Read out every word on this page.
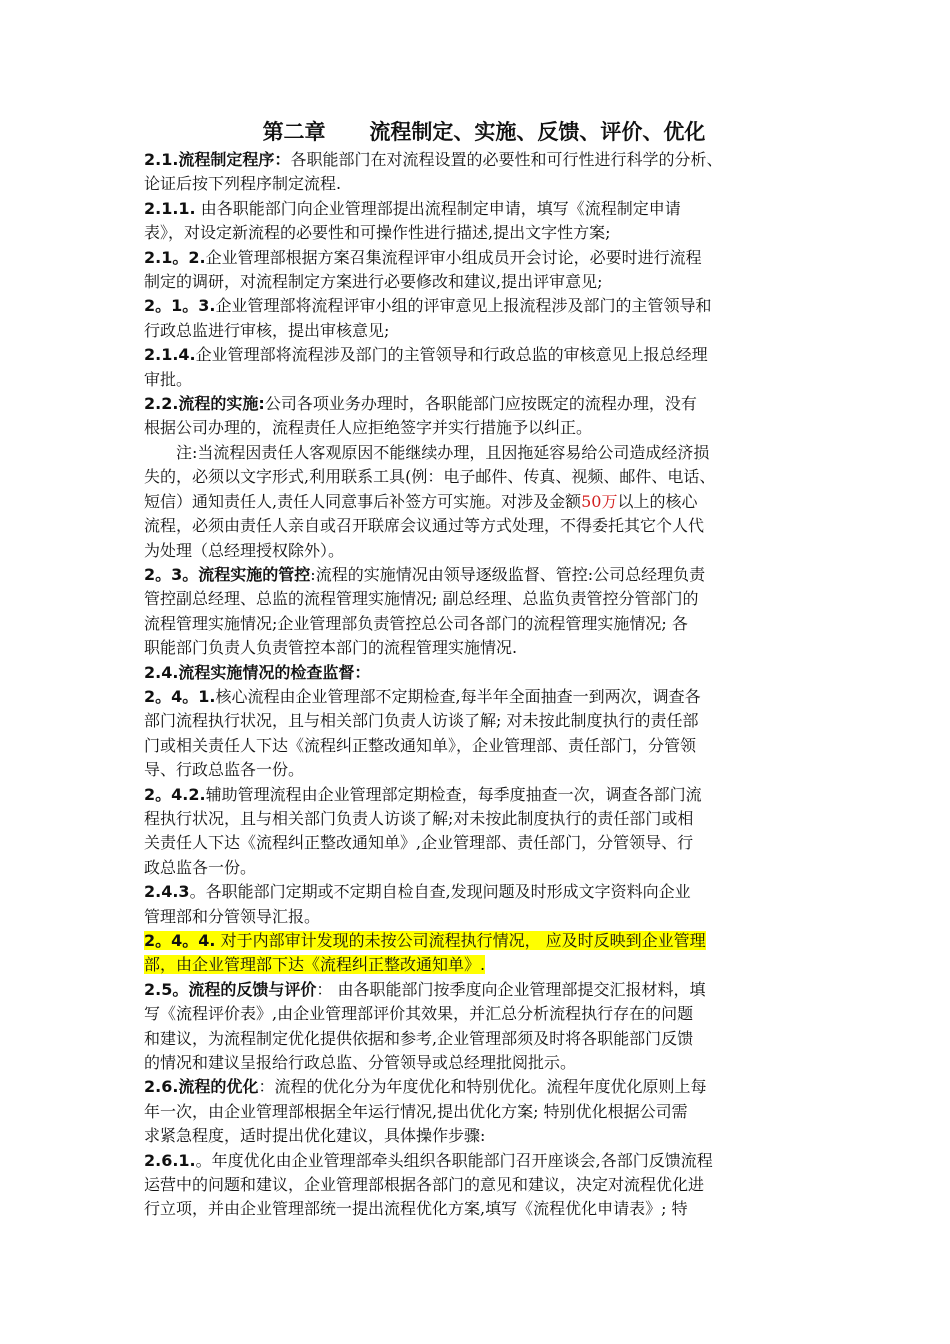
第二章      流程制定、实施、反馈、评价、优化

2.1.流程制定程序：各职能部门在对流程设置的必要性和可行性进行科学的分析、
论证后按下列程序制定流程.

2.1.1. 由各职能部门向企业管理部提出流程制定申请，填写《流程制定申请
表》，对设定新流程的必要性和可操作性进行描述,提出文字性方案;

2.1。2.企业管理部根据方案召集流程评审小组成员开会讨论，必要时进行流程
制定的调研，对流程制定方案进行必要修改和建议,提出评审意见;

2。1。3.企业管理部将流程评审小组的评审意见上报流程涉及部门的主管领导和
行政总监进行审核，提出审核意见;

2.1.4.企业管理部将流程涉及部门的主管领导和行政总监的审核意见上报总经理
审批。

2.2.流程的实施:公司各项业务办理时，各职能部门应按既定的流程办理，没有
根据公司办理的，流程责任人应拒绝签字并实行措施予以纠正。

注:当流程因责任人客观原因不能继续办理，且因拖延容易给公司造成经济损
失的，必须以文字形式,利用联系工具(例：电子邮件、传真、视频、邮件、电话、
短信）通知责任人,责任人同意事后补签方可实施。对涉及金额50万以上的核心
流程，必须由责任人亲自或召开联席会议通过等方式处理，不得委托其它个人代
为处理（总经理授权除外）。

2。3。流程实施的管控:流程的实施情况由领导逐级监督、管控:公司总经理负责
管控副总经理、总监的流程管理实施情况; 副总经理、总监负责管控分管部门的
流程管理实施情况;企业管理部负责管控总公司各部门的流程管理实施情况; 各
职能部门负责人负责管控本部门的流程管理实施情况.

2.4.流程实施情况的检查监督：

2。4。1.核心流程由企业管理部不定期检查,每半年全面抽查一到两次，调查各
部门流程执行状况，且与相关部门负责人访谈了解; 对未按此制度执行的责任部
门或相关责任人下达《流程纠正整改通知单》，企业管理部、责任部门，分管领
导、行政总监各一份。

2。4.2.辅助管理流程由企业管理部定期检查，每季度抽查一次，调查各部门流
程执行状况，且与相关部门负责人访谈了解;对未按此制度执行的责任部门或相
关责任人下达《流程纠正整改通知单》,企业管理部、责任部门，分管领导、行
政总监各一份。

2.4.3。各职能部门定期或不定期自检自查,发现问题及时形成文字资料向企业
管理部和分管领导汇报。

2。4。4. 对于内部审计发现的未按公司流程执行情况， 应及时反映到企业管理
部，由企业管理部下达《流程纠正整改通知单》.

2.5。流程的反馈与评价： 由各职能部门按季度向企业管理部提交汇报材料，填
写《流程评价表》,由企业管理部评价其效果，并汇总分析流程执行存在的问题
和建议，为流程制定优化提供依据和参考,企业管理部须及时将各职能部门反馈
的情况和建议呈报给行政总监、分管领导或总经理批阅批示。

2.6.流程的优化：流程的优化分为年度优化和特别优化。流程年度优化原则上每
年一次，由企业管理部根据全年运行情况,提出优化方案; 特别优化根据公司需
求紧急程度，适时提出优化建议，具体操作步骤:

2.6.1.。年度优化由企业管理部牵头组织各职能部门召开座谈会,各部门反馈流程
运营中的问题和建议，企业管理部根据各部门的意见和建议，决定对流程优化进
行立项，并由企业管理部统一提出流程优化方案,填写《流程优化申请表》; 特
